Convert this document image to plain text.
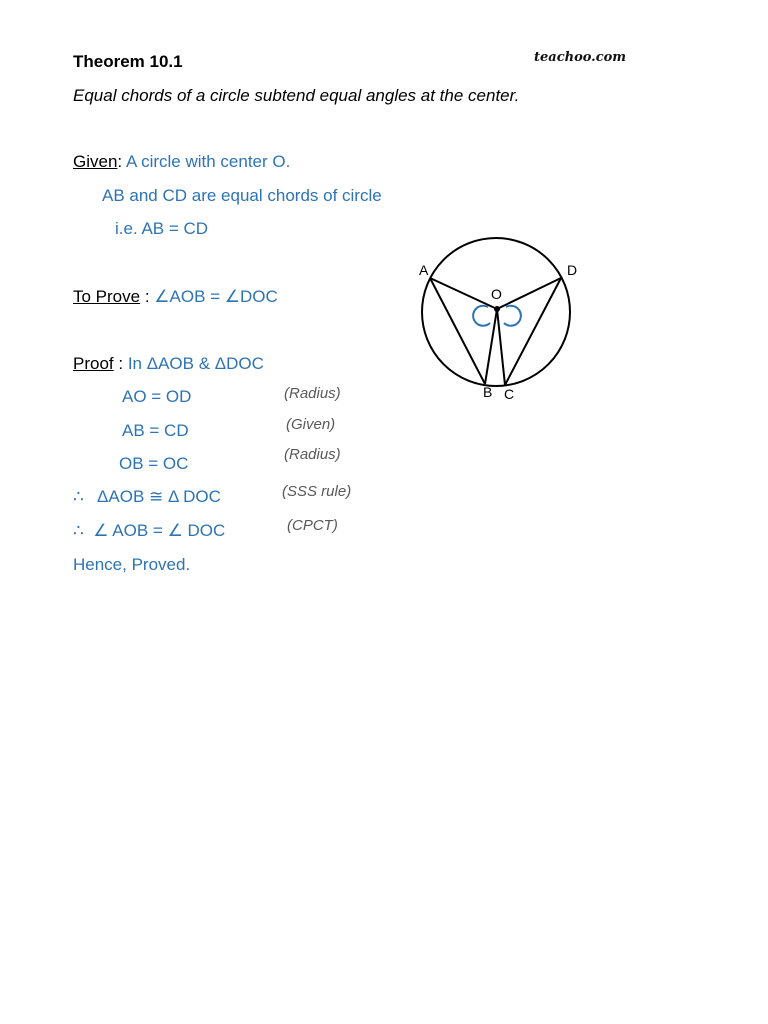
Theorem 10.1	teachoo.com
Equal chords of a circle subtend equal angles at the center.
Given: A circle with center O.
AB and CD are equal chords of circle
i.e. AB = CD
To Prove : ∠AOB = ∠DOC
Proof : In ΔAOB & ΔDOC
AO = OD	(Radius)
AB = CD	(Given)
OB = OC	(Radius)
∴   ΔAOB ≅ Δ DOC	(SSS rule)
∴  ∠ AOB = ∠ DOC	(CPCT)
Hence, Proved.
A	D
O
B C
